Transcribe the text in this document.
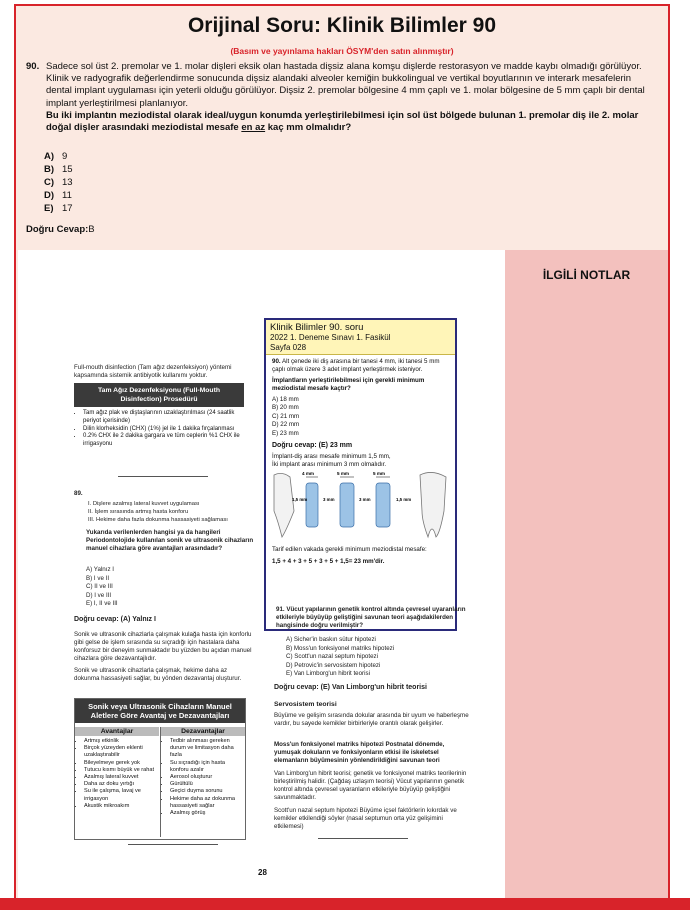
Orijinal Soru: Klinik Bilimler 90
(Basım ve yayınlama hakları ÖSYM'den satın alınmıştır)
90. Sadece sol üst 2. premolar ve 1. molar dişleri eksik olan hastada dişsiz alana komşu dişlerde restorasyon ve madde kaybı olmadığı görülüyor. Klinik ve radyografik değerlendirme sonucunda dişsiz alandaki alveoler kemiğin bukkolingual ve vertikal boyutlarının ve interark mesafelerin dental implant uygulaması için yeterli olduğu görülüyor. Dişsiz 2. premolar bölgesine 4 mm çaplı ve 1. molar bölgesine de 5 mm çaplı bir dental implant yerleştirilmesi planlanıyor.
Bu iki implantın meziodistal olarak ideal/uygun konumda yerleştirilebilmesi için sol üst bölgede bulunan 1. premolar diş ile 2. molar doğal dişler arasındaki meziodistal mesafe en az kaç mm olmalıdır?
A) 9
B) 15
C) 13
D) 11
E) 17
Doğru Cevap:B
Full-mouth disinfection (Tam ağız dezenfeksiyon) yöntemi kapsamında sistemik antibiyotik kullanımı yoktur.
Tam Ağız Dezenfeksiyonu (Full-Mouth Disinfection) Prosedürü
• Tam ağız plak ve diştaşlarının uzaklaştırılması (24 saatlik periyot içerisinde)
• Dilin klorheksidin (CHX) (1%) jel ile 1 dakika fırçalanması
• 0.2% CHX ile 2 dakika gargara ve tüm ceplerin %1 CHX ile irrigasyonu
89.
I. Dişlere azalmış lateral kuvvet uygulaması
II. İşlem sırasında artmış hasta konforu
III. Hekime daha fazla dokunma hassasiyeti sağlaması
Yukarıda verilenlerden hangisi ya da hangileri Periodontolojide kullanılan sonik ve ultrasonik cihazların manuel cihazlara göre avantajları arasındadır?
A) Yalnız I
B) I ve II
C) II ve III
D) I ve III
E) I, II ve III
Doğru cevap: (A) Yalnız I
Sonik ve ultrasonik cihazlarla çalışmak kulağa hasta için konforlu gibi gelse de işlem sırasında su sıçradığı için hastalara daha konforsuz bir deneyim sunmaktadır bu yüzden bu açıdan manuel cihazlara göre dezavantajlıdır.
Sonik ve ultrasonik cihazlarla çalışmak, hekime daha az dokunma hassasiyeti sağlar, bu yönden dezavantaj oluşturur.
Sonik veya Ultrasonik Cihazların Manuel Aletlere Göre Avantaj ve Dezavantajları
Avantajlar
• Artmış etkinlik
• Birçok yüzeyden eklenti uzaklaştırabilir
• Bileyelmeye gerek yok
• Tutucu kısmı büyük ve rahat
• Azalmış lateral kuvvet
• Daha az doku yırtığı
• Su ile çalışma, lavaj ve irrigasyon
• Akustik mikroakım
Dezavantajlar
• Tedbir alınması gereken durum ve limitasyon daha fazla
• Su sıçradığı için hasta konforu azalır
• Aerosol oluşturur
• Gürültülü
• Geçici duyma sorunu
• Hekime daha az dokunma hassasiyeti sağlar
• Azalmış görüş
Klinik Bilimler 90. soru
2022 1. Deneme Sınavı 1. Fasikül
Sayfa 028
90. Alt çenede iki diş arasına bir tanesi 4 mm, iki tanesi 5 mm çaplı olmak üzere 3 adet implant yerleştirmek isteniyor.
İmplantların yerleştirilebilmesi için gerekli minimum meziodistal mesafe kaçtır?
A) 18 mm
B) 20 mm
C) 21 mm
D) 22 mm
E) 23 mm
Doğru cevap: (E) 23 mm
İmplant-diş arası mesafe minimum 1,5 mm,
İki implant arası minimum 3 mm olmalıdır.
4 mm	5 mm	5 mm
1,5 mm	3 mm	3 mm	1,5 mm
Tarif edilen vakada gerekli minimum meziodistal mesafe:
1,5 + 4 + 3 + 5 + 3 + 5 + 1,5= 23 mm'dir.
91. Vücut yapılarının genetik kontrol altında çevresel uyaranların etkileriyle büyüyüp geliştiğini savunan teori aşağıdakilerden hangisinde doğru verilmiştir?
A) Sicher'in baskın sütur hipotezi
B) Moss'un fonksiyonel matriks hipotezi
C) Scott'un nazal septum hipotezi
D) Petrovic'in servosistem hipotezi
E) Van Limborg'un hibrit teorisi
Doğru cevap: (E) Van Limborg'un hibrit teorisi
Servosistem teorisi
Büyüme ve gelişim sırasında dokular arasında bir uyum ve haberleşme vardır, bu sayede kemikler birbirleriyle orantılı olarak gelişirler.
Moss'un fonksiyonel matriks hipotezi Postnatal dönemde, yumuşak dokuların ve fonksiyonların etkisi ile iskeletsel elemanların büyümesinin yönlendirildiğini savunan teori
Van Limborg'un hibrit teorisi; genetik ve fonksiyonel matriks teorilerinin birleştirilmiş halidir. (Çağdaş uzlaşım teorisi) Vücut yapılarının genetik kontrol altında çevresel uyaranların etkileriyle büyüyüp geliştiğini savunmaktadır.
Scott'un nazal septum hipotezi Büyüme içsel faktörlerin kıkırdak ve kemikler etkilendiği söyler (nasal septumun orta yüz gelişimini etkilemesi)
28
İLGİLİ NOTLAR
